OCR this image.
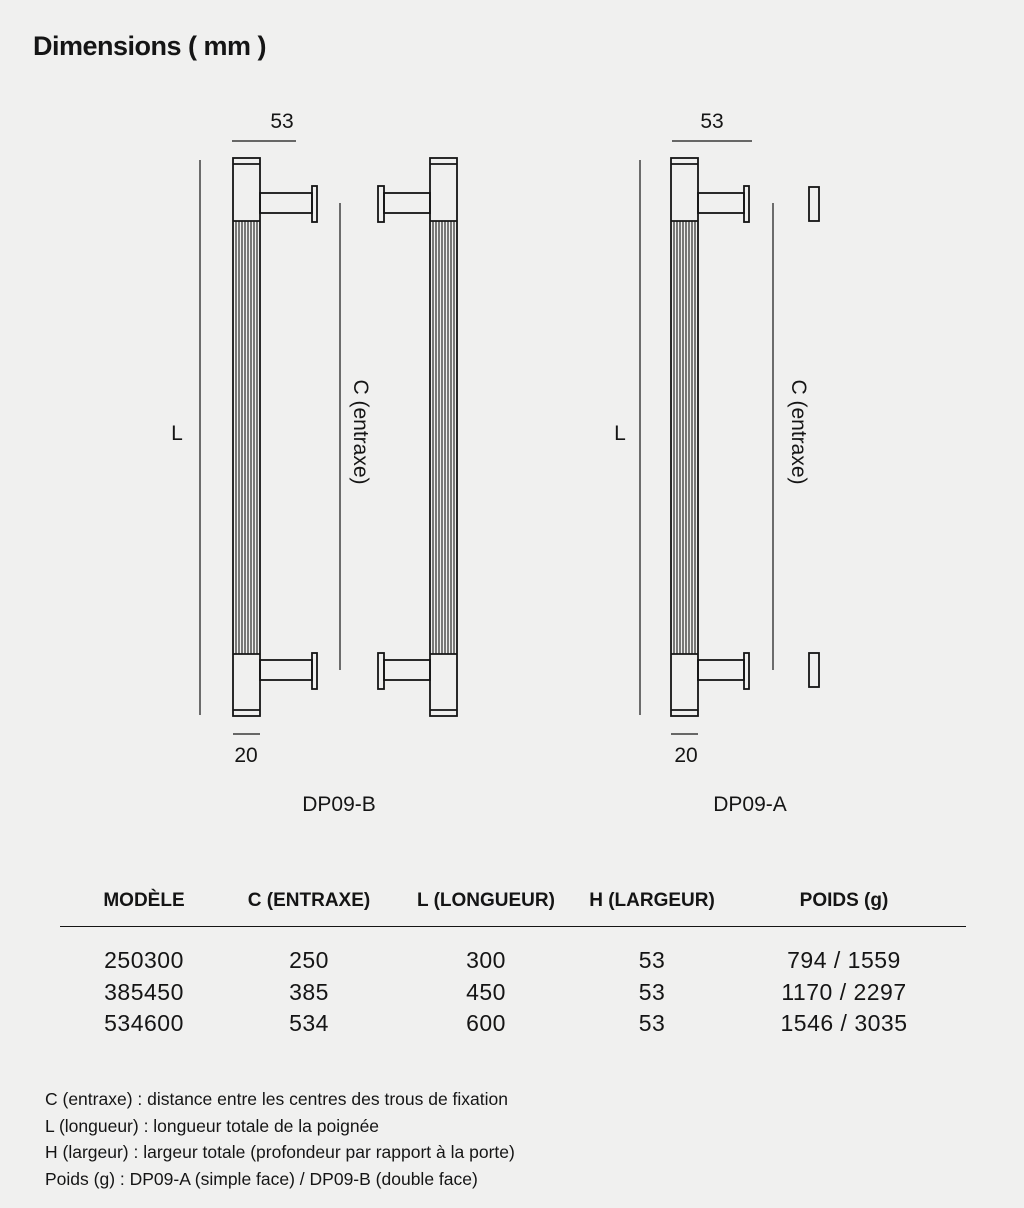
Dimensions ( mm )
53
L	C (entraxe)
20
DP09-B
53
L	C (entraxe)
20
DP09-A
MODÈLE	C (ENTRAXE)	L (LONGUEUR)	H (LARGEUR)	POIDS (g)
250300	250	300	53	794 / 1559
385450	385	450	53	1170 / 2297
534600	534	600	53	1546 / 3035
C (entraxe) : distance entre les centres des trous de fixation
L (longueur) : longueur totale de la poignée
H (largeur) : largeur totale (profondeur par rapport à la porte)
Poids (g) : DP09-A (simple face) / DP09-B (double face)
